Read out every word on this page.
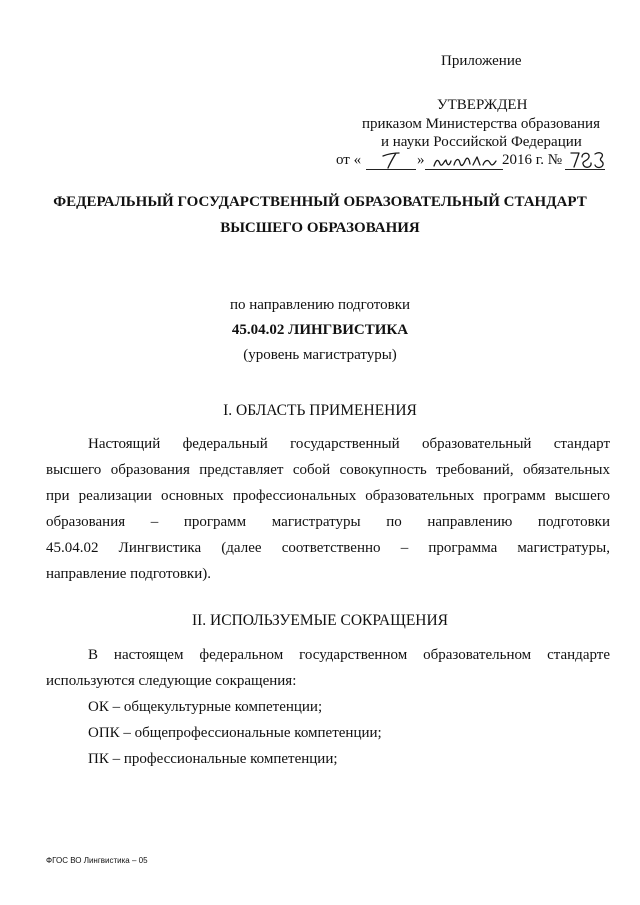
Приложение
УТВЕРЖДЕН
приказом Министерства образования
и науки Российской Федерации
от «	»	2016 г. №
ФЕДЕРАЛЬНЫЙ ГОСУДАРСТВЕННЫЙ ОБРАЗОВАТЕЛЬНЫЙ СТАНДАРТ
ВЫСШЕГО ОБРАЗОВАНИЯ
по направлению подготовки
45.04.02 ЛИНГВИСТИКА
(уровень магистратуры)
I. ОБЛАСТЬ ПРИМЕНЕНИЯ
Настоящий федеральный государственный образовательный стандарт
высшего образования представляет собой совокупность требований, обязательных
при реализации основных профессиональных образовательных программ высшего
образования – программ магистратуры по направлению подготовки
45.04.02 Лингвистика (далее соответственно – программа магистратуры,
направление подготовки).
II. ИСПОЛЬЗУЕМЫЕ СОКРАЩЕНИЯ
В настоящем федеральном государственном образовательном стандарте
используются следующие сокращения:
ОК – общекультурные компетенции;
ОПК – общепрофессиональные компетенции;
ПК – профессиональные компетенции;
ФГОС ВО Лингвистика – 05
